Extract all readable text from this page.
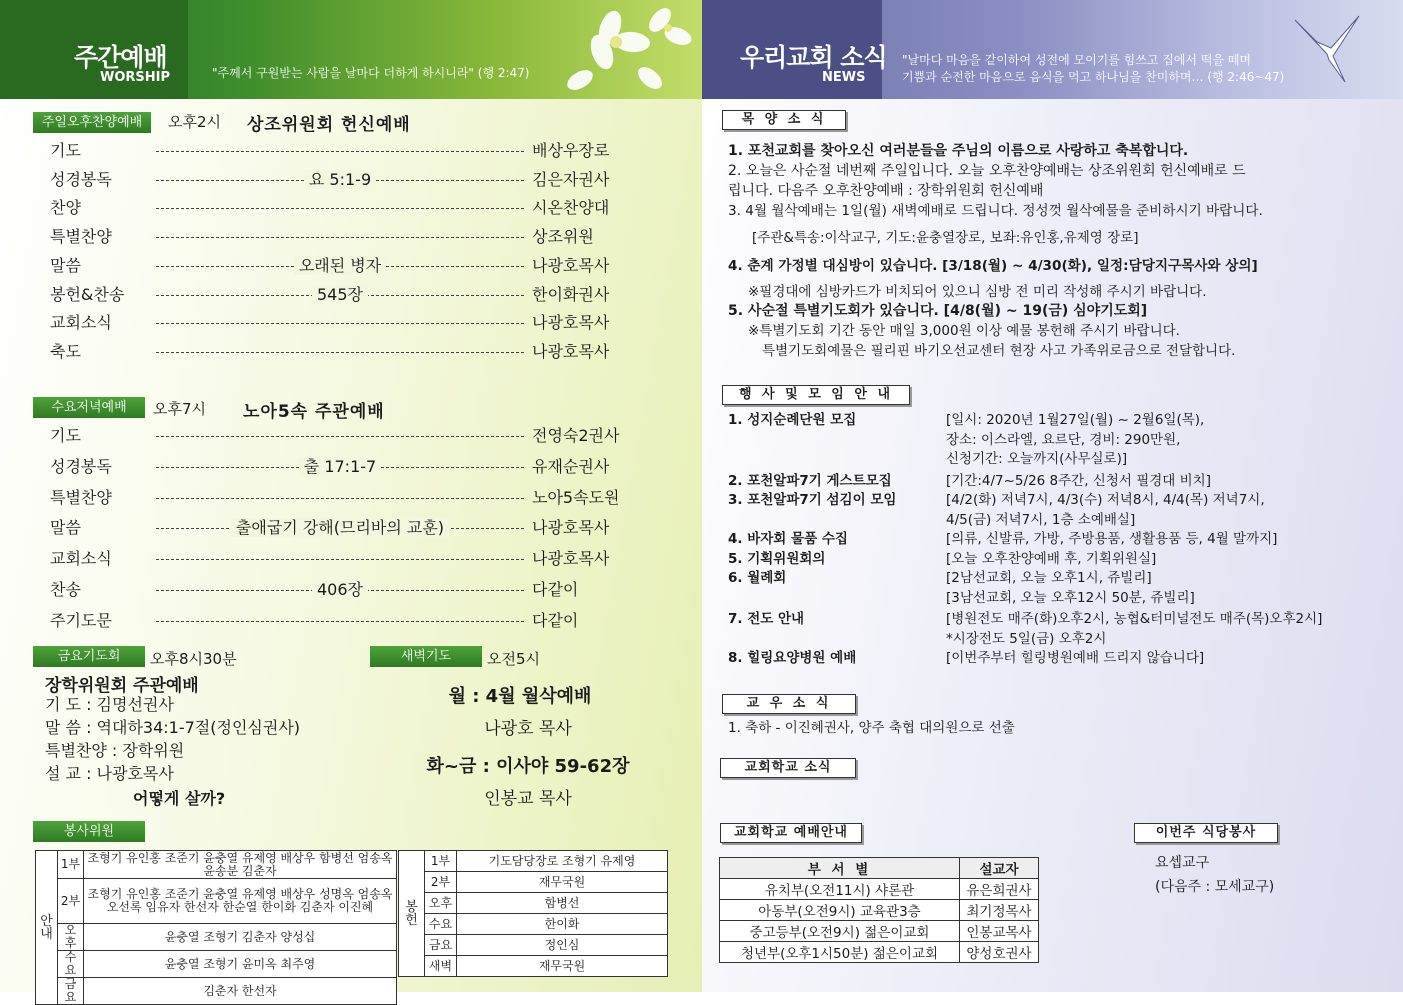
주간예배
WORSHIP	"주께서 구원받는 사람을 날마다 더하게 하시니라" (행 2:47)
주일오후찬양예배	오후2시 상조위원회 헌신예배
기도	배상우장로
성경봉독	요 5:1-9	김은자권사
찬양	시온찬양대
특별찬양	상조위원
말씀	오래된 병자	나광호목사
봉헌&찬송	545장	한이화권사
교회소식	나광호목사
축도	나광호목사
수요저녁예배	오후7시 노아5속 주관예배
기도	전영숙2권사
성경봉독	출 17:1-7	유재순권사
특별찬양	노아5속도원
말씀	출애굽기 강해(므리바의 교훈)	나광호목사
교회소식	나광호목사
찬송	406장	다같이
주기도문	다같이
금요기도회	오후8시30분
장학위원회 주관예배
기 도 : 김명선권사
말 씀 : 역대하34:1-7절(정인심권사)
특별찬양 : 장학위원
설 교 : 나광호목사
어떻게 살까?
새벽기도	오전5시
월 : 4월 월삭예배
나광호 목사
화~금 : 이사야 59-62장
인봉교 목사
봉사위원
안내	1부	조형기 유인홍 조준기 윤충열 유제영 배상우 함병선 엄송옥 윤송분 김춘자
	2부	조형기 유인홍 조준기 윤충열 유제영 배상우 성명옥 엄송옥 오선록 임유자 한선자 한순열 한이화 김춘자 이진혜
	오후	윤충열 조형기 김춘자 양성십
	수요	윤충열 조형기 윤미옥 최주영
	금요	김춘자 한선자
봉헌	1부	기도담당장로 조형기 유제영
	2부	재무국원
	오후	함병선
	수요	한이화
	금요	정인심
	새벽	재무국원
우리교회 소식
NEWS
"날마다 마음을 같이하여 성전에 모이기를 힘쓰고 집에서 떡을 떼며
기쁨과 순전한 마음으로 음식을 먹고 하나님을 찬미하며… (행 2:46~47)
목 양 소 식
1. 포천교회를 찾아오신 여러분들을 주님의 이름으로 사랑하고 축복합니다.
2. 오늘은 사순절 네번째 주일입니다. 오늘 오후찬양예배는 상조위원회 헌신예배로 드
립니다. 다음주 오후찬양예배 : 장학위원회 헌신예배
3. 4월 월삭예배는 1일(월) 새벽예배로 드립니다. 정성껏 월삭예물을 준비하시기 바랍니다.
[주관&특송:이삭교구, 기도:윤충열장로, 보좌:유인홍,유제영 장로]
4. 춘계 가정별 대심방이 있습니다. [3/18(월) ~ 4/30(화), 일정:담당지구목사와 상의]
※필경대에 심방카드가 비치되어 있으니 심방 전 미리 작성해 주시기 바랍니다.
5. 사순절 특별기도회가 있습니다. [4/8(월) ~ 19(금) 심야기도회]
※특별기도회 기간 동안 매일 3,000원 이상 예물 봉헌해 주시기 바랍니다.
특별기도회예물은 필리핀 바기오선교센터 현장 사고 가족위로금으로 전달합니다.
행 사 및 모 임 안 내
1. 성지순례단원 모집	[일시: 2020년 1월27일(월) ~ 2월6일(목),
장소: 이스라엘, 요르단, 경비: 290만원,
신청기간: 오늘까지(사무실로)]
2. 포천알파7기 게스트모집	[기간:4/7~5/26 8주간, 신청서 필경대 비치]
3. 포천알파7기 섬김이 모임	[4/2(화) 저녁7시, 4/3(수) 저녁8시, 4/4(목) 저녁7시,
4/5(금) 저녁7시, 1층 소예배실]
4. 바자회 물품 수집	[의류, 신발류, 가방, 주방용품, 생활용품 등, 4월 말까지]
5. 기획위원회의	[오늘 오후찬양예배 후, 기획위원실]
6. 월례회	[2남선교회, 오늘 오후1시, 쥬빌리]
[3남선교회, 오늘 오후12시 50분, 쥬빌리]
7. 전도 안내	[병원전도 매주(화)오후2시, 농협&터미널전도 매주(목)오후2시]
*시장전도 5일(금) 오후2시
8. 힐링요양병원 예배	[이번주부터 힐링병원예배 드리지 않습니다]
교 우 소 식
1. 축하 - 이진혜권사, 양주 축협 대의원으로 선출
교회학교 소식
교회학교 예배안내
부 서 별	설교자
유치부(오전11시) 샤론관	유은희권사
아동부(오전9시) 교육관3층	최기정목사
중고등부(오전9시) 젊은이교회	인봉교목사
청년부(오후1시50분) 젊은이교회	양성호권사
이번주 식당봉사
요셉교구
(다음주 : 모세교구)
